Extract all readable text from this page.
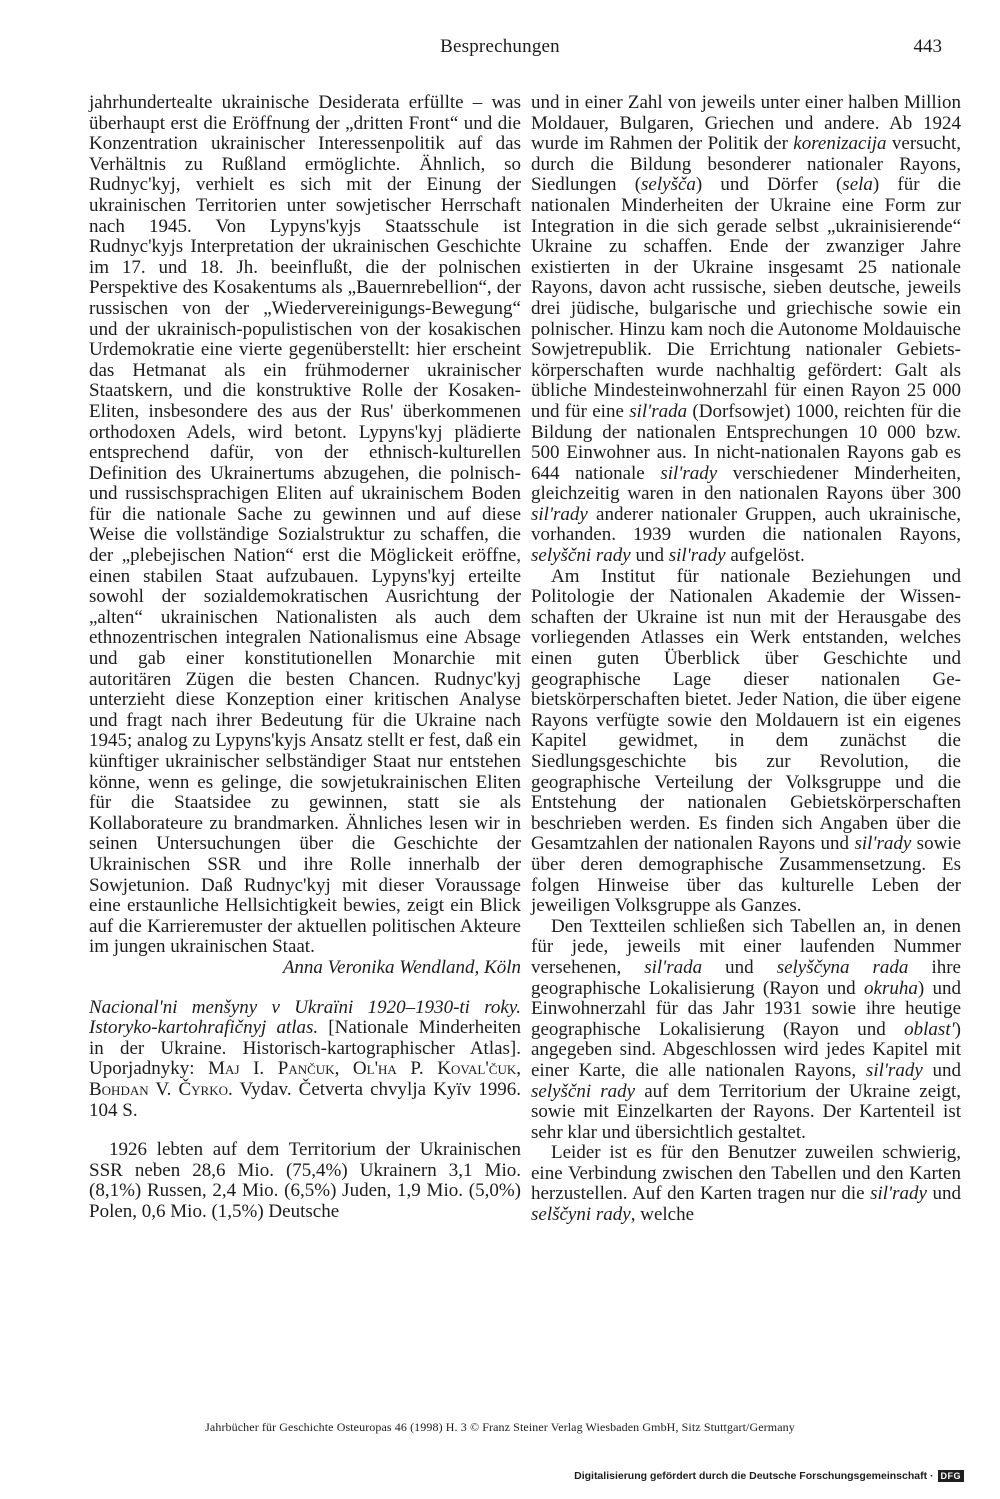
Besprechungen	443

jahrhundertealte ukrainische Desiderata erfüllte – was überhaupt erst die Eröffnung der „dritten Front“ und die Konzentration ukrainischer Interessenpolitik auf das Verhältnis zu Rußland ermöglichte. Ähnlich, so Rudnyc'kyj, verhielt es sich mit der Einung der ukrainischen Territorien unter sowjetischer Herrschaft nach 1945. Von Lypyns'kyjs Staatsschule ist Rudnyc'kyjs Interpretation der ukrainischen Geschichte im 17. und 18. Jh. beeinflußt, die der polnischen Perspektive des Kosakentums als „Bauernrebellion“, der russischen von der „Wiedervereinigungs-Bewegung“ und der ukrainisch-populistischen von der kosakischen Urdemokratie eine vierte gegenüberstellt: hier erscheint das Hetmanat als ein frühmoderner ukrainischer Staatskern, und die konstruktive Rolle der Kosaken-Eliten, insbesondere des aus der Rus' überkommenen orthodoxen Adels, wird betont. Lypyns'kyj plädierte entsprechend dafür, von der ethnisch-kulturellen Definition des Ukrainertums abzugehen, die polnisch- und russischsprachigen Eliten auf ukrainischem Boden für die nationale Sache zu gewinnen und auf diese Weise die vollständige Sozialstruktur zu schaffen, die der „plebejischen Nation“ erst die Möglickeit eröffne, einen stabilen Staat aufzubauen. Lypyns'kyj erteilte sowohl der sozialdemokratischen Ausrichtung der „alten“ ukrainischen Nationalisten als auch dem ethnozentrischen integralen Nationalismus eine Absage und gab einer konstitutionellen Monarchie mit autoritären Zügen die besten Chancen. Rudnyc'kyj unterzieht diese Konzeption einer kritischen Analyse und fragt nach ihrer Bedeutung für die Ukraine nach 1945; analog zu Lypyns'kyjs Ansatz stellt er fest, daß ein künftiger ukrainischer selbständiger Staat nur entstehen könne, wenn es gelinge, die sowjetukrainischen Eliten für die Staatsidee zu gewinnen, statt sie als Kollaborateure zu brandmarken. Ähnliches lesen wir in seinen Untersuchungen über die Geschichte der Ukrainischen SSR und ihre Rolle innerhalb der Sowjetunion. Daß Rudnyc'kyj mit dieser Voraussage eine erstaunliche Hellsichtigkeit bewies, zeigt ein Blick auf die Karrieremuster der aktuellen politischen Akteure im jungen ukrainischen Staat.

Anna Veronika Wendland, Köln

Nacional'ni menšyny v Ukraïni 1920–1930-ti roky. Istoryko-kartohrafičnyj atlas. [Nationale Minderheiten in der Ukraine. Historisch-kartographischer Atlas]. Uporjadnyky: Maj I. Pančuk, Ol'ha P. Koval'čuk, Bohdan V. Čyrko. Vydav. Četverta chvylja Kyïv 1996. 104 S.

1926 lebten auf dem Territorium der Ukrainischen SSR neben 28,6 Mio. (75,4%) Ukrainern 3,1 Mio. (8,1%) Russen, 2,4 Mio. (6,5%) Juden, 1,9 Mio. (5,0%) Polen, 0,6 Mio. (1,5%) Deutsche

und in einer Zahl von jeweils unter einer halben Million Moldauer, Bulgaren, Griechen und andere. Ab 1924 wurde im Rahmen der Politik der korenizacija versucht, durch die Bildung besonderer nationaler Rayons, Siedlungen (selyšča) und Dörfer (sela) für die nationalen Minderheiten der Ukraine eine Form zur Integration in die sich gerade selbst „ukrainisierende“ Ukraine zu schaffen. Ende der zwanziger Jahre existierten in der Ukraine insgesamt 25 nationale Rayons, davon acht russische, sieben deutsche, jeweils drei jüdische, bulgarische und griechische sowie ein polnischer. Hinzu kam noch die Autonome Moldauische Sowjetrepublik. Die Errichtung nationaler Gebietskörperschaften wurde nachhaltig gefördert: Galt als übliche Mindesteinwohnerzahl für einen Rayon 25 000 und für eine sil'rada (Dorfsowjet) 1000, reichten für die Bildung der nationalen Entsprechungen 10 000 bzw. 500 Einwohner aus. In nicht-nationalen Rayons gab es 644 nationale sil'rady verschiedener Minderheiten, gleichzeitig waren in den nationalen Rayons über 300 sil'rady anderer nationaler Gruppen, auch ukrainische, vorhanden. 1939 wurden die nationalen Rayons, selyščni rady und sil'rady aufgelöst.

Am Institut für nationale Beziehungen und Politologie der Nationalen Akademie der Wissenschaften der Ukraine ist nun mit der Herausgabe des vorliegenden Atlasses ein Werk entstanden, welches einen guten Überblick über Geschichte und geographische Lage dieser nationalen Gebietskörperschaften bietet. Jeder Nation, die über eigene Rayons verfügte sowie den Moldauern ist ein eigenes Kapitel gewidmet, in dem zunächst die Siedlungsgeschichte bis zur Revolution, die geographische Verteilung der Volksgruppe und die Entstehung der nationalen Gebietskörperschaften beschrieben werden. Es finden sich Angaben über die Gesamtzahlen der nationalen Rayons und sil'rady sowie über deren demographische Zusammensetzung. Es folgen Hinweise über das kulturelle Leben der jeweiligen Volksgruppe als Ganzes.

Den Textteilen schließen sich Tabellen an, in denen für jede, jeweils mit einer laufenden Nummer versehenen, sil'rada und selyščyna rada ihre geographische Lokalisierung (Rayon und okruha) und Einwohnerzahl für das Jahr 1931 sowie ihre heutige geographische Lokalisierung (Rayon und oblast') angegeben sind. Abgeschlossen wird jedes Kapitel mit einer Karte, die alle nationalen Rayons, sil'rady und selyščni rady auf dem Territorium der Ukraine zeigt, sowie mit Einzelkarten der Rayons. Der Kartenteil ist sehr klar und übersichtlich gestaltet.

Leider ist es für den Benutzer zuweilen schwierig, eine Verbindung zwischen den Tabellen und den Karten herzustellen. Auf den Karten tragen nur die sil'rady und selščyni rady, welche

Jahrbücher für Geschichte Osteuropas 46 (1998) H. 3 © Franz Steiner Verlag Wiesbaden GmbH, Sitz Stuttgart/Germany
Digitalisierung gefördert durch die Deutsche Forschungsgemeinschaft · DFG
